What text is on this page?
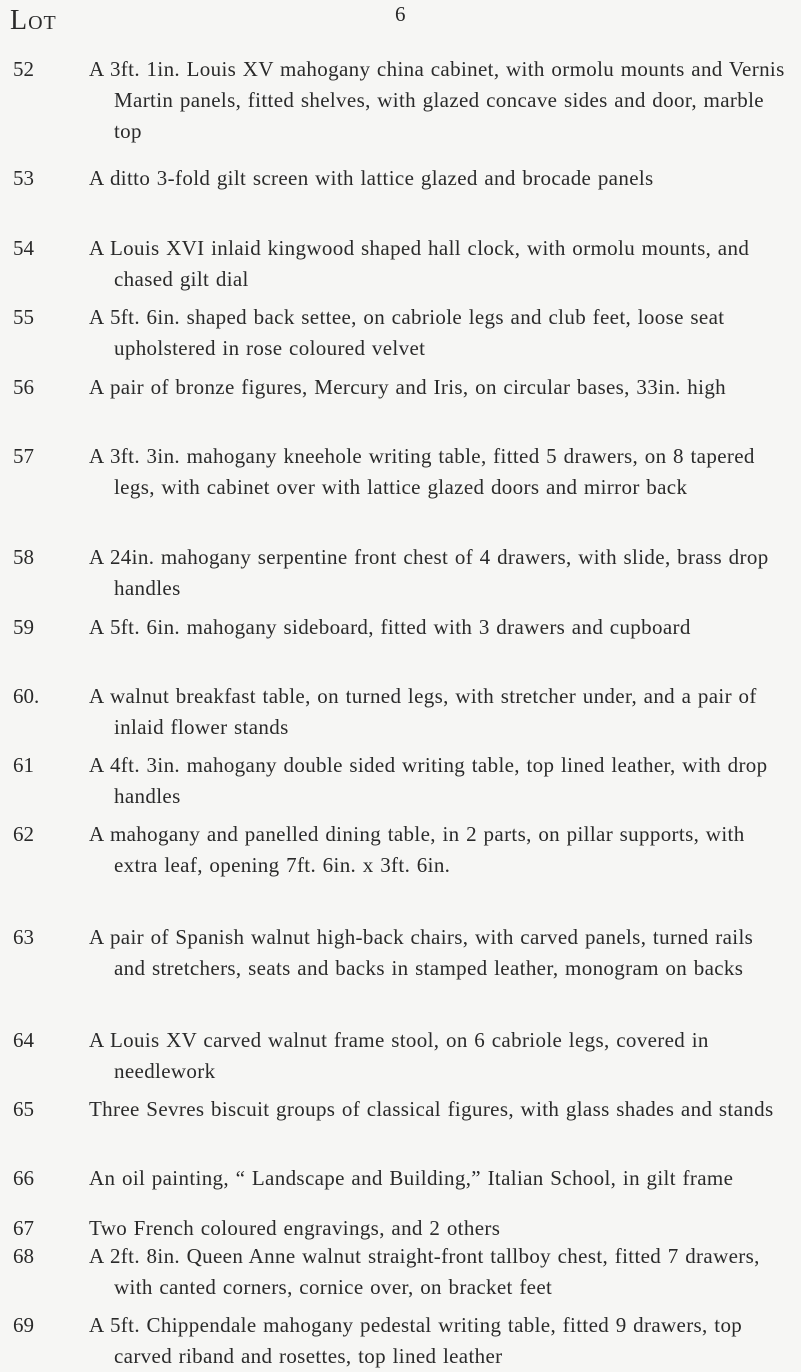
6
Lot
52	A 3ft. 1in. Louis XV mahogany china cabinet, with ormolu mounts and Vernis Martin panels, fitted shelves, with glazed concave sides and door, marble top
53	A ditto 3-fold gilt screen with lattice glazed and brocade panels
54	A Louis XVI inlaid kingwood shaped hall clock, with ormolu mounts, and chased gilt dial
55	A 5ft. 6in. shaped back settee, on cabriole legs and club feet, loose seat upholstered in rose coloured velvet
56	A pair of bronze figures, Mercury and Iris, on circular bases, 33in. high
57	A 3ft. 3in. mahogany kneehole writing table, fitted 5 drawers, on 8 tapered legs, with cabinet over with lattice glazed doors and mirror back
58	A 24in. mahogany serpentine front chest of 4 drawers, with slide, brass drop handles
59	A 5ft. 6in. mahogany sideboard, fitted with 3 drawers and cupboard
60.	A walnut breakfast table, on turned legs, with stretcher under, and a pair of inlaid flower stands
61	A 4ft. 3in. mahogany double sided writing table, top lined leather, with drop handles
62	A mahogany and panelled dining table, in 2 parts, on pillar supports, with extra leaf, opening 7ft. 6in. x 3ft. 6in.
63	A pair of Spanish walnut high-back chairs, with carved panels, turned rails and stretchers, seats and backs in stamped leather, monogram on backs
64	A Louis XV carved walnut frame stool, on 6 cabriole legs, covered in needlework
65	Three Sevres biscuit groups of classical figures, with glass shades and stands
66	An oil painting, “ Landscape and Building,” Italian School, in gilt frame
67	Two French coloured engravings, and 2 others
68	A 2ft. 8in. Queen Anne walnut straight-front tallboy chest, fitted 7 drawers, with canted corners, cornice over, on bracket feet
69	A 5ft. Chippendale mahogany pedestal writing table, fitted 9 drawers, top carved riband and rosettes, top lined leather
